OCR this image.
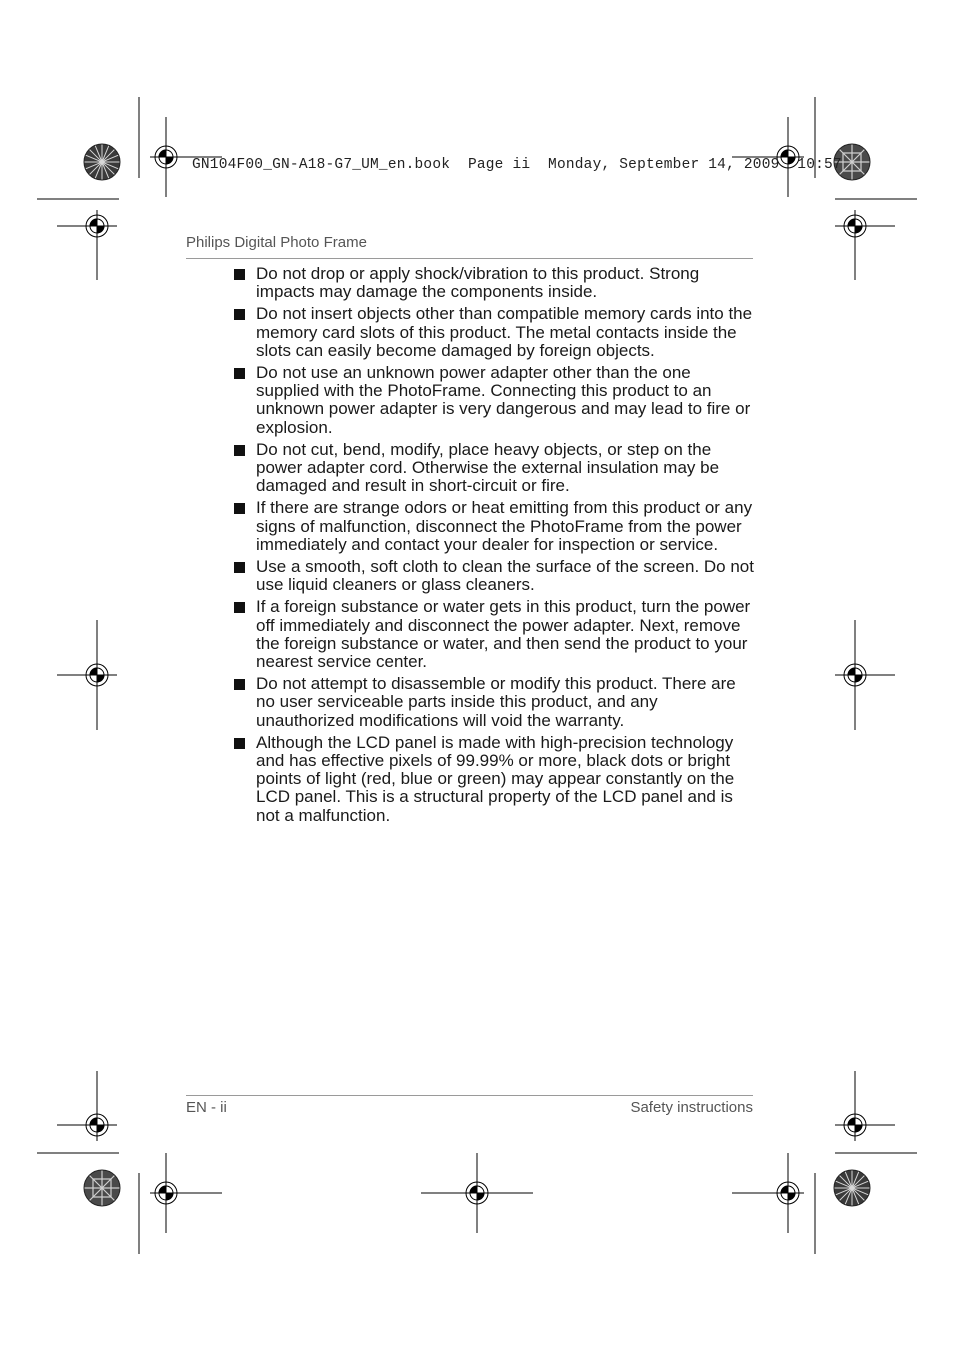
GN104F00_GN-A18-G7_UM_en.book  Page ii  Monday, September 14, 2009  10:57
Philips Digital Photo Frame
Do not drop or apply shock/vibration to this product. Strong impacts may damage the components inside.
Do not insert objects other than compatible memory cards into the memory card slots of this product. The metal contacts inside the slots can easily become damaged by foreign objects.
Do not use an unknown power adapter other than the one supplied with the PhotoFrame. Connecting this product to an unknown power adapter is very dangerous and may lead to fire or explosion.
Do not cut, bend, modify, place heavy objects, or step on the power adapter cord. Otherwise the external insulation may be damaged and result in short-circuit or fire.
If there are strange odors or heat emitting from this product or any signs of malfunction, disconnect the PhotoFrame from the power immediately and contact your dealer for inspection or service.
Use a smooth, soft cloth to clean the surface of the screen. Do not use liquid cleaners or glass cleaners.
If a foreign substance or water gets in this product, turn the power off immediately and disconnect the power adapter. Next, remove the foreign substance or water, and then send the product to your nearest service center.
Do not attempt to disassemble or modify this product. There are no user serviceable parts inside this product, and any unauthorized modifications will void the warranty.
Although the LCD panel is made with high-precision technology and has effective pixels of 99.99% or more, black dots or bright points of light (red, blue or green) may appear constantly on the LCD panel. This is a structural property of the LCD panel and is not a malfunction.
EN - ii	Safety instructions
